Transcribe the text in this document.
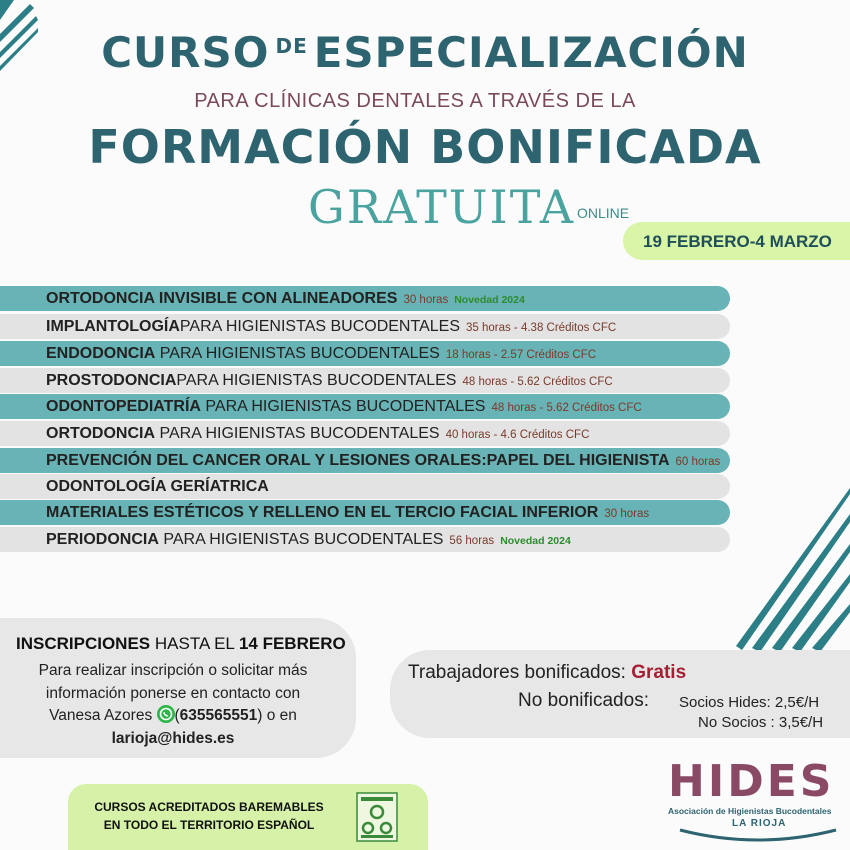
CURSO DE ESPECIALIZACIÓN
PARA CLÍNICAS DENTALES A TRAVÉS DE LA
FORMACIÓN BONIFICADA
GRATUITA ONLINE
19 FEBRERO-4 MARZO
ORTODONCIA INVISIBLE CON ALINEADORES 30 horas Novedad 2024
IMPLANTOLOGÍAPARA HIGIENISTAS BUCODENTALES 35 horas - 4.38 Créditos CFC
ENDODONCIA PARA HIGIENISTAS BUCODENTALES 18 horas - 2.57 Créditos CFC
PROSTODONCIAPARA HIGIENISTAS BUCODENTALES 48 horas - 5.62 Créditos CFC
ODONTOPEDIATRÍA PARA HIGIENISTAS BUCODENTALES 48 horas - 5.62 Créditos CFC
ORTODONCIA PARA HIGIENISTAS BUCODENTALES 40 horas - 4.6 Créditos CFC
PREVENCIÓN DEL CANCER ORAL Y LESIONES ORALES:PAPEL DEL HIGIENISTA 60 horas
ODONTOLOGÍA GERÍATRICA
MATERIALES ESTÉTICOS Y RELLENO EN EL TERCIO FACIAL INFERIOR 30 horas
PERIODONCIA PARA HIGIENISTAS BUCODENTALES 56 horas Novedad 2024
INSCRIPCIONES HASTA EL 14 FEBRERO
Para realizar inscripción o solicitar más
información ponerse en contacto con
Vanesa Azores
(635565551) o en
larioja@hides.es
Trabajadores bonificados: Gratis
No bonificados: Socios Hides: 2,5€/H
No Socios : 3,5€/H
HIDES
Asociación de Higienistas Bucodentales
LA RIOJA
CURSOS ACREDITADOS BAREMABLES
EN TODO EL TERRITORIO ESPAÑOL
